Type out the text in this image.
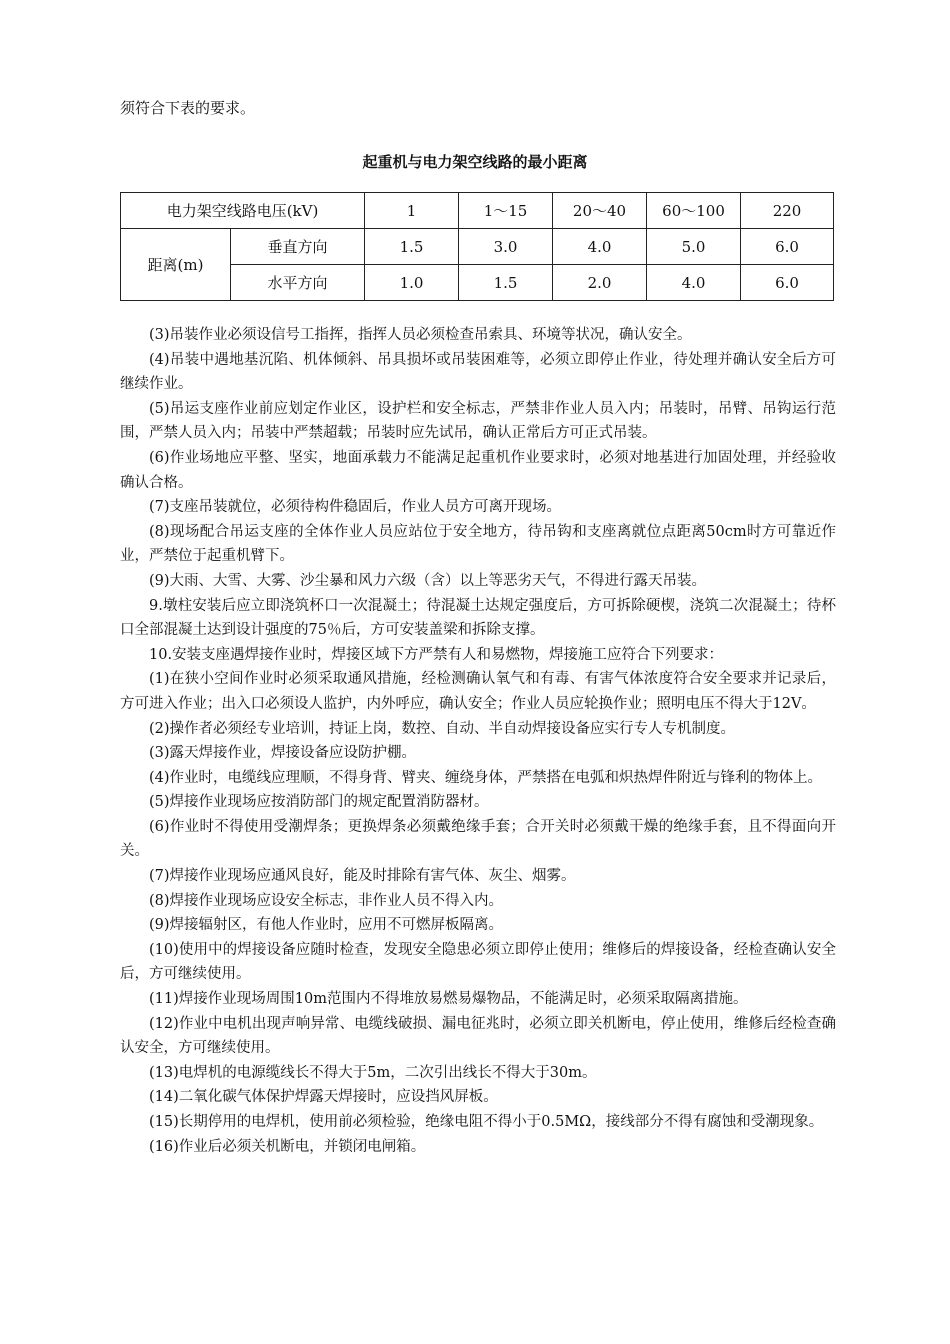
须符合下表的要求。
起重机与电力架空线路的最小距离
电力架空线路电压(kV)		1	1～15	20～40	60～100	220
距离(m)	垂直方向	1.5	3.0	4.0	5.0	6.0
	水平方向	1.0	1.5	2.0	4.0	6.0

(3)吊装作业必须设信号工指挥，指挥人员必须检查吊索具、环境等状况，确认安全。

(4)吊装中遇地基沉陷、机体倾斜、吊具损坏或吊装困难等，必须立即停止作业，待处理并确认安全后方可继续作业。

(5)吊运支座作业前应划定作业区，设护栏和安全标志，严禁非作业人员入内；吊装时，吊臂、吊钩运行范围，严禁人员入内；吊装中严禁超载；吊装时应先试吊，确认正常后方可正式吊装。

(6)作业场地应平整、坚实，地面承载力不能满足起重机作业要求时，必须对地基进行加固处理，并经验收确认合格。

(7)支座吊装就位，必须待构件稳固后，作业人员方可离开现场。

(8)现场配合吊运支座的全体作业人员应站位于安全地方，待吊钩和支座离就位点距离50cm时方可靠近作业，严禁位于起重机臂下。

(9)大雨、大雪、大雾、沙尘暴和风力六级（含）以上等恶劣天气，不得进行露天吊装。

9.墩柱安装后应立即浇筑杯口一次混凝土；待混凝土达规定强度后，方可拆除硬楔，浇筑二次混凝土；待杯口全部混凝土达到设计强度的75％后，方可安装盖梁和拆除支撑。

10.安装支座遇焊接作业时，焊接区域下方严禁有人和易燃物，焊接施工应符合下列要求：

(1)在狭小空间作业时必须采取通风措施，经检测确认氧气和有毒、有害气体浓度符合安全要求并记录后，方可进入作业；出入口必须设人监护，内外呼应，确认安全；作业人员应轮换作业；照明电压不得大于12V。

(2)操作者必须经专业培训，持证上岗，数控、自动、半自动焊接设备应实行专人专机制度。

(3)露天焊接作业，焊接设备应设防护棚。

(4)作业时，电缆线应理顺，不得身背、臂夹、缠绕身体，严禁搭在电弧和炽热焊件附近与锋利的物体上。

(5)焊接作业现场应按消防部门的规定配置消防器材。

(6)作业时不得使用受潮焊条；更换焊条必须戴绝缘手套；合开关时必须戴干燥的绝缘手套，且不得面向开关。

(7)焊接作业现场应通风良好，能及时排除有害气体、灰尘、烟雾。

(8)焊接作业现场应设安全标志，非作业人员不得入内。

(9)焊接辐射区，有他人作业时，应用不可燃屏板隔离。

(10)使用中的焊接设备应随时检查，发现安全隐患必须立即停止使用；维修后的焊接设备，经检查确认安全后，方可继续使用。

(11)焊接作业现场周围10m范围内不得堆放易燃易爆物品，不能满足时，必须采取隔离措施。

(12)作业中电机出现声响异常、电缆线破损、漏电征兆时，必须立即关机断电，停止使用，维修后经检查确认安全，方可继续使用。

(13)电焊机的电源缆线长不得大于5m，二次引出线长不得大于30m。

(14)二氧化碳气体保护焊露天焊接时，应设挡风屏板。

(15)长期停用的电焊机，使用前必须检验，绝缘电阻不得小于0.5MΩ，接线部分不得有腐蚀和受潮现象。

(16)作业后必须关机断电，并锁闭电闸箱。
